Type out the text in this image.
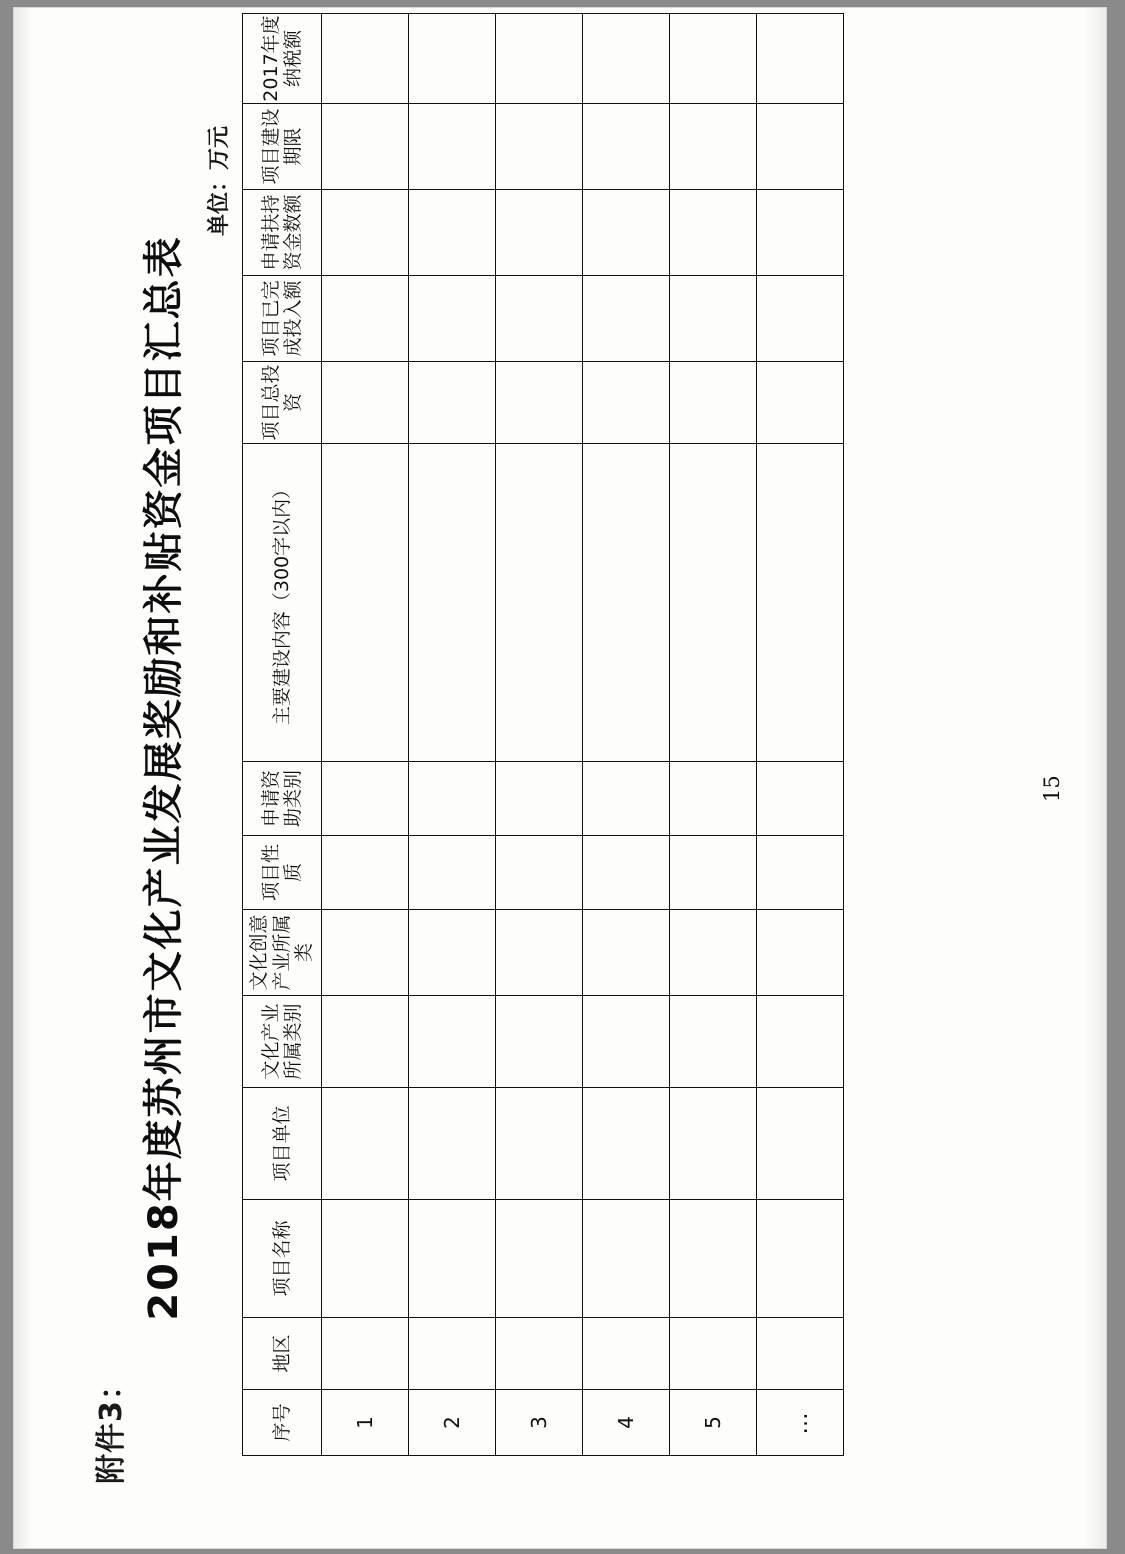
附件3：
2018年度苏州市文化产业发展奖励和补贴资金项目汇总表
单位：万元
序号	地区	项目名称	项目单位	文化产业所属类别	文化创意产业所属类	项目性质	申请资助类别	主要建设内容（300字以内）	项目总投资	项目已完成投入额	申请扶持资金数额	项目建设期限	2017年度纳税额
1													
2													
3													
4													
5													
…													
15
